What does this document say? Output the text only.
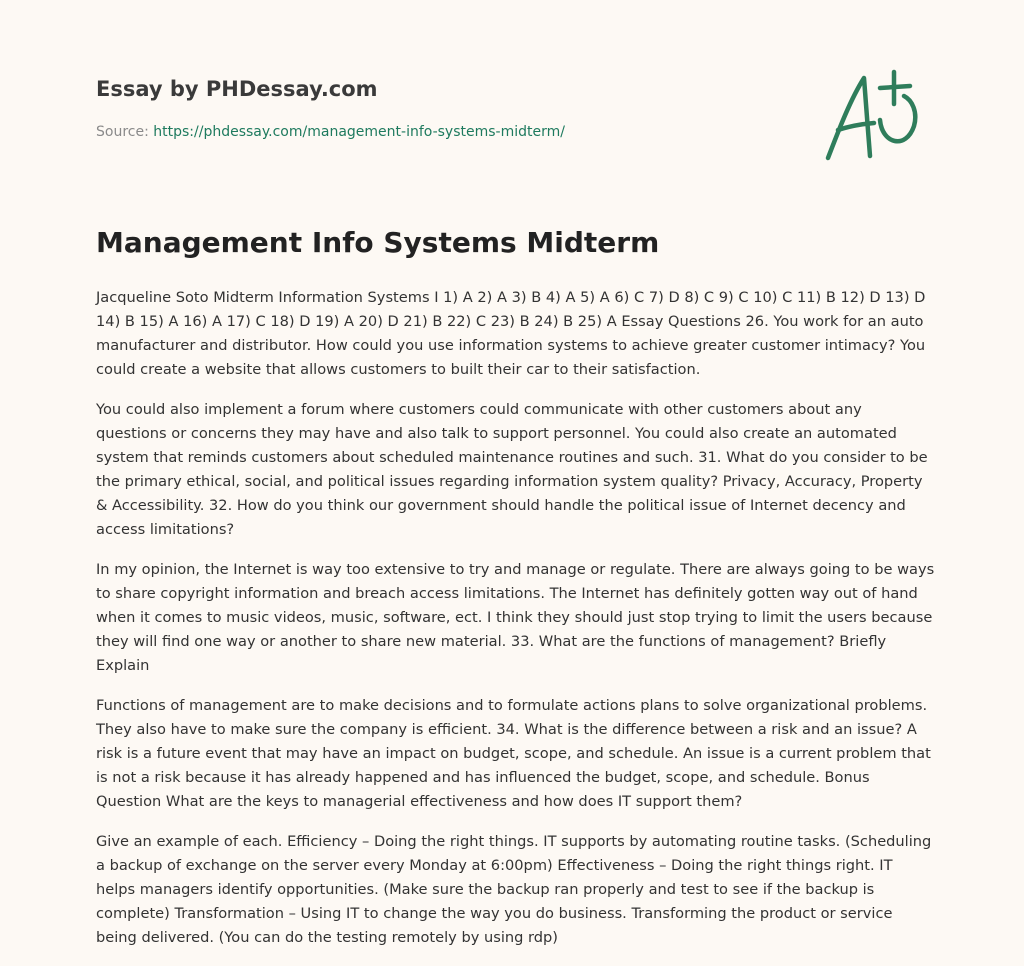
Essay by PHDessay.com
Source: https://phdessay.com/management-info-systems-midterm/
Management Info Systems Midterm

Jacqueline Soto Midterm Information Systems I 1) A 2) A 3) B 4) A 5) A 6) C 7) D 8) C 9) C 10) C 11) B 12) D 13) D 14) B 15) A 16) A 17) C 18) D 19) A 20) D 21) B 22) C 23) B 24) B 25) A Essay Questions 26. You work for an auto manufacturer and distributor. How could you use information systems to achieve greater customer intimacy? You could create a website that allows customers to built their car to their satisfaction.

You could also implement a forum where customers could communicate with other customers about any questions or concerns they may have and also talk to support personnel. You could also create an automated system that reminds customers about scheduled maintenance routines and such. 31. What do you consider to be the primary ethical, social, and political issues regarding information system quality? Privacy, Accuracy, Property & Accessibility. 32. How do you think our government should handle the political issue of Internet decency and access limitations?

In my opinion, the Internet is way too extensive to try and manage or regulate. There are always going to be ways to share copyright information and breach access limitations. The Internet has definitely gotten way out of hand when it comes to music videos, music, software, ect. I think they should just stop trying to limit the users because they will find one way or another to share new material. 33. What are the functions of management? Briefly Explain

Functions of management are to make decisions and to formulate actions plans to solve organizational problems. They also have to make sure the company is efficient. 34. What is the difference between a risk and an issue? A risk is a future event that may have an impact on budget, scope, and schedule. An issue is a current problem that is not a risk because it has already happened and has influenced the budget, scope, and schedule. Bonus Question What are the keys to managerial effectiveness and how does IT support them?

Give an example of each. Efficiency – Doing the right things. IT supports by automating routine tasks. (Scheduling a backup of exchange on the server every Monday at 6:00pm) Effectiveness – Doing the right things right. IT helps managers identify opportunities. (Make sure the backup ran properly and test to see if the backup is complete) Transformation – Using IT to change the way you do business. Transforming the product or service being delivered. (You can do the testing remotely by using rdp)
